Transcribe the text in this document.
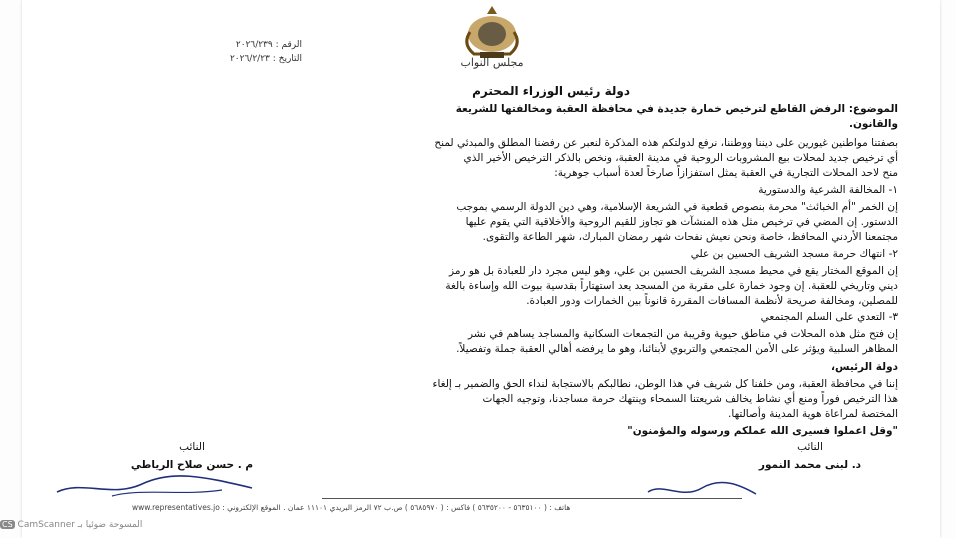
مجلس النواب
الرقم : ٢٠٢٦/٢٣٩
التاريخ : ٢٠٢٦/٢/٢٣
دولة رئيس الوزراء المحترم
الموضوع: الرفض القاطع لترخيص خمارة جديدة في محافظة العقبة ومخالفتها للشريعة
والقانون.
بصفتنا مواطنين غيورين على ديننا ووطننا، نرفع لدولتكم هذه المذكرة لنعبر عن رفضنا المطلق والمبدئي لمنح
أي ترخيص جديد لمحلات بيع المشروبات الروحية في مدينة العقبة، ونخص بالذكر الترخيص الأخير الذي
منح لاحد المحلات التجارية في العقبة يمثل استفزازاً صارخاً لعدة أسباب جوهرية:
١- المخالفة الشرعية والدستورية
إن الخمر "أم الخبائث" محرمة بنصوص قطعية في الشريعة الإسلامية، وهي دين الدولة الرسمي بموجب
الدستور. إن المضي في ترخيص مثل هذه المنشآت هو تجاوز للقيم الروحية والأخلاقية التي يقوم عليها
مجتمعنا الأردني المحافظ، خاصة ونحن نعيش نفحات شهر رمضان المبارك، شهر الطاعة والتقوى.
٢- انتهاك حرمة مسجد الشريف الحسين بن علي
إن الموقع المختار يقع في محيط مسجد الشريف الحسين بن علي، وهو ليس مجرد دار للعبادة بل هو رمز
ديني وتاريخي للعقبة. إن وجود خمارة على مقربة من المسجد يعد استهتاراً بقدسية بيوت الله وإساءة بالغة
للمصلين، ومخالفة صريحة لأنظمة المسافات المقررة قانوناً بين الخمارات ودور العبادة.
٣- التعدي على السلم المجتمعي
إن فتح مثل هذه المحلات في مناطق حيوية وقريبة من التجمعات السكانية والمساجد يساهم في نشر
المظاهر السلبية ويؤثر على الأمن المجتمعي والتربوي لأبنائنا، وهو ما يرفضه أهالي العقبة جملة وتفصيلاً.
دولة الرئيس،
إننا في محافظة العقبة، ومن خلفنا كل شريف في هذا الوطن، نطالبكم بالاستجابة لنداء الحق والضمير بـ إلغاء
هذا الترخيص فوراً ومنع أي نشاط يخالف شريعتنا السمحاء وينتهك حرمة مساجدنا، وتوجيه الجهات
المختصة لمراعاة هوية المدينة وأصالتها.
"وقل اعملوا فسيرى الله عملكم ورسوله والمؤمنون"
النائب
د. لبنى محمد النمور
النائب
م . حسن صلاح الرياطي
هاتف : ( ٥٦٣٥١٠٠ - ٥٦٣٥٢٠٠ ) فاكس : ( ٥٦٨٥٩٧٠ ) ص.ب ٧٢ الرمز البريدي ١١١٠١ عمان . الموقع الإلكتروني : www.representatives.jo
CS CamScanner المسوحة ضوئيا بـ
